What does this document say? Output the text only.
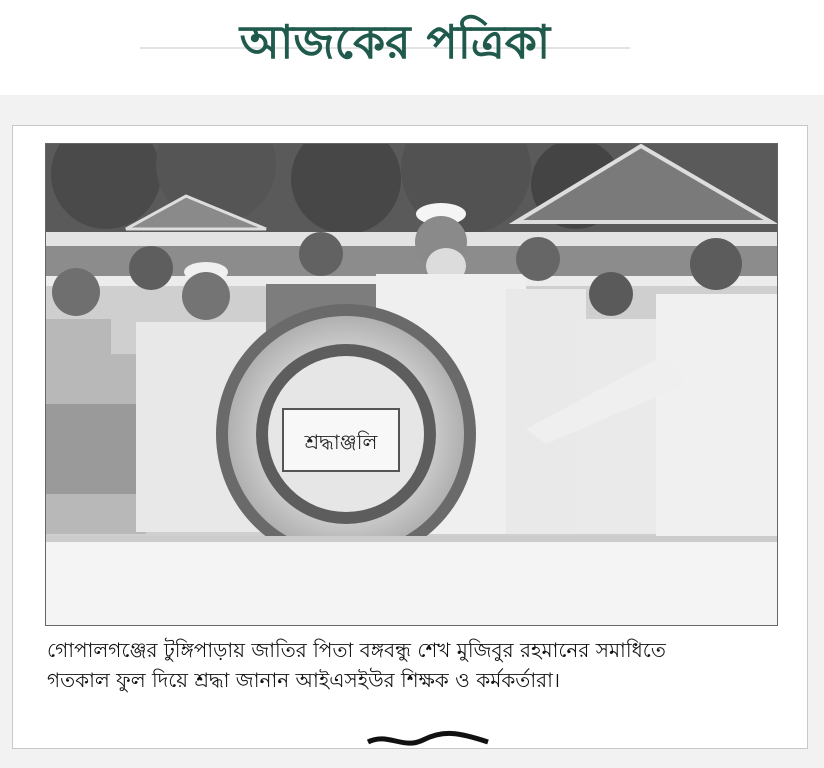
আজকের পত্রিকা
শ্রদ্ধাঞ্জলি

গোপালগঞ্জের টুঙ্গিপাড়ায় জাতির পিতা বঙ্গবন্ধু শেখ মুজিবুর রহমানের সমাধিতে

গতকাল ফুল দিয়ে শ্রদ্ধা জানান আইএসইউর শিক্ষক ও কর্মকর্তারা।
